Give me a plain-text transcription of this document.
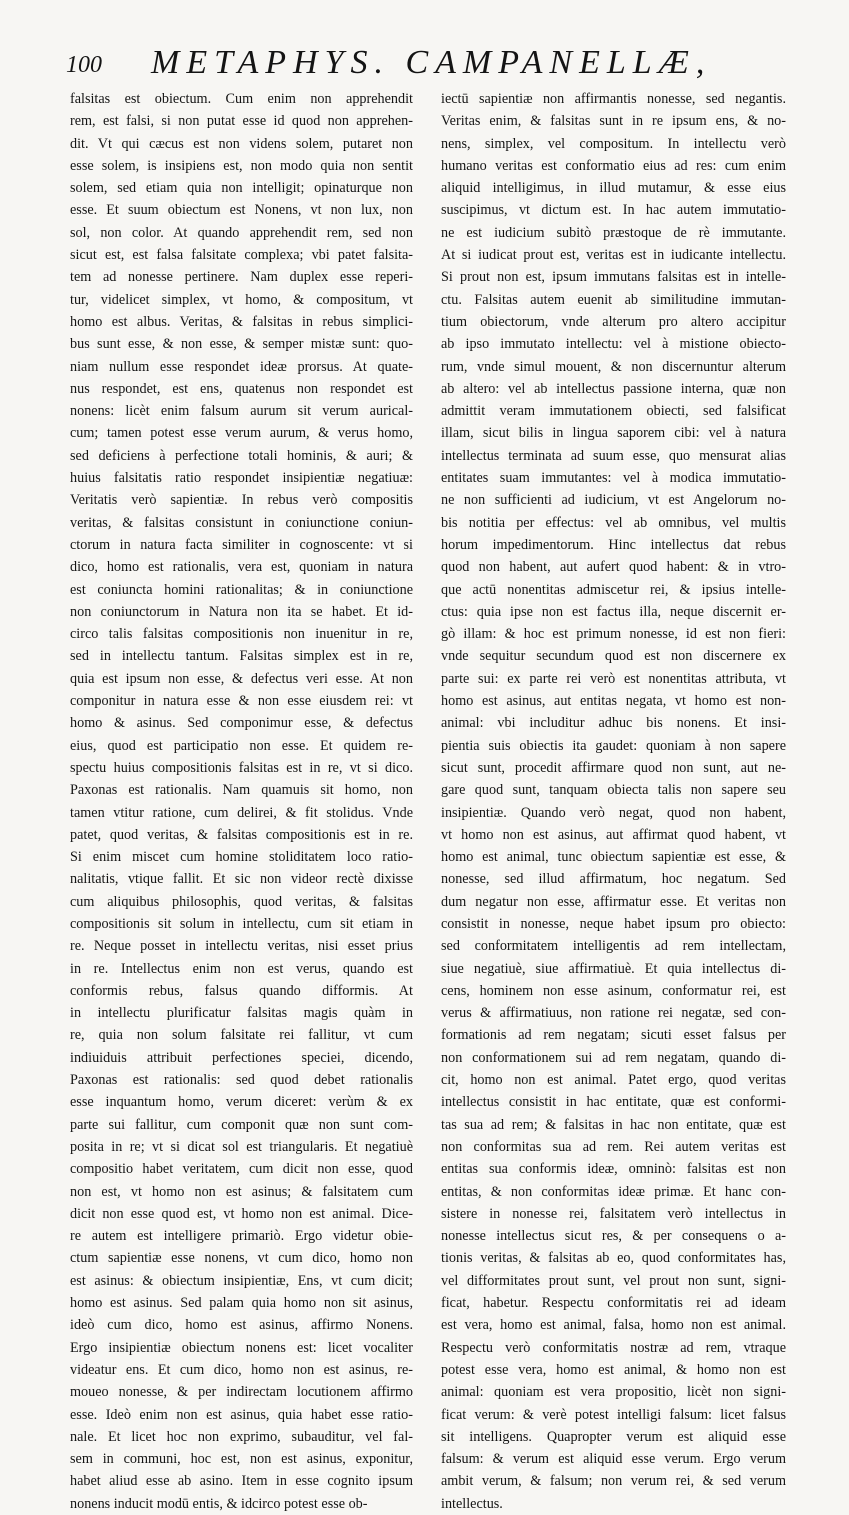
100 METAPHYS. CAMPANELLÆ,
falsitas est obiectum. Cum enim non apprehendit
rem, est falsi, si non putat esse id quod non apprehen-
dit. Vt qui cæcus est non videns solem, putaret non
esse solem, is insipiens est, non modo quia non sentit
solem, sed etiam quia non intelligit; opinaturque non
esse. Et suum obiectum est Nonens, vt non lux, non
sol, non color. At quando apprehendit rem, sed non
sicut est, est falsa falsitate complexa; vbi patet falsita-
tem ad nonesse pertinere. Nam duplex esse reperi-
tur, videlicet simplex, vt homo, & compositum, vt
homo est albus. Veritas, & falsitas in rebus simplici-
bus sunt esse, & non esse, & semper mistæ sunt: quo-
niam nullum esse respondet ideæ prorsus. At quate-
nus respondet, est ens, quatenus non respondet est
nonens: licèt enim falsum aurum sit verum aurical-
cum; tamen potest esse verum aurum, & verus homo,
sed deficiens à perfectione totali hominis, & auri; &
huius falsitatis ratio respondet insipientiæ negatiuæ:
Veritatis verò sapientiæ. In rebus verò compositis
veritas, & falsitas consistunt in coniunctione coniun-
ctorum in natura facta similiter in cognoscente: vt si
dico, homo est rationalis, vera est, quoniam in natura
est coniuncta homini rationalitas; & in coniunctione
non coniunctorum in Natura non ita se habet. Et id-
circo talis falsitas compositionis non inuenitur in re,
sed in intellectu tantum. Falsitas simplex est in re,
quia est ipsum non esse, & defectus veri esse. At non
componitur in natura esse & non esse eiusdem rei: vt
homo & asinus. Sed componimur esse, & defectus
eius, quod est participatio non esse. Et quidem re-
spectu huius compositionis falsitas est in re, vt si dico.
Paxonas est rationalis. Nam quamuis sit homo, non
tamen vtitur ratione, cum delirei, & fit stolidus. Vnde
patet, quod veritas, & falsitas compositionis est in re.
Si enim miscet cum homine stoliditatem loco ratio-
nalitatis, vtique fallit. Et sic non videor rectè dixisse
cum aliquibus philosophis, quod veritas, & falsitas
compositionis sit solum in intellectu, cum sit etiam in
re. Neque posset in intellectu veritas, nisi esset prius
in re. Intellectus enim non est verus, quando est
conformis rebus, falsus quando difformis. At
in intellectu plurificatur falsitas magis quàm in
re, quia non solum falsitate rei fallitur, vt cum
indiuiduis attribuit perfectiones speciei, dicendo,
Paxonas est rationalis: sed quod debet rationalis
esse inquantum homo, verum diceret: verùm & ex
parte sui fallitur, cum componit quæ non sunt com-
posita in re; vt si dicat sol est triangularis. Et negatiuè
compositio habet veritatem, cum dicit non esse, quod
non est, vt homo non est asinus; & falsitatem cum
dicit non esse quod est, vt homo non est animal. Dice-
re autem est intelligere primariò. Ergo videtur obie-
ctum sapientiæ esse nonens, vt cum dico, homo non
est asinus: & obiectum insipientiæ, Ens, vt cum dicit;
homo est asinus. Sed palam quia homo non sit asinus,
ideò cum dico, homo est asinus, affirmo Nonens.
Ergo insipientiæ obiectum nonens est: licet vocaliter
videatur ens. Et cum dico, homo non est asinus, re-
moueo nonesse, & per indirectam locutionem affirmo
esse. Ideò enim non est asinus, quia habet esse ratio-
nale. Et licet hoc non exprimo, subauditur, vel fal-
sem in communi, hoc est, non est asinus, exponitur,
habet aliud esse ab asino. Item in esse cognito ipsum
nonens inducit modū entis, & idcirco potest esse ob-
iectū sapientiæ non affirmantis nonesse, sed negantis.
Veritas enim, & falsitas sunt in re ipsum ens, & no-
nens, simplex, vel compositum. In intellectu verò
humano veritas est conformatio eius ad res: cum enim
aliquid intelligimus, in illud mutamur, & esse eius
suscipimus, vt dictum est. In hac autem immutatio-
ne est iudicium subitò præstoque de rè immutante.
At si iudicat prout est, veritas est in iudicante intellectu.
Si prout non est, ipsum immutans falsitas est in intelle-
ctu. Falsitas autem euenit ab similitudine immutan-
tium obiectorum, vnde alterum pro altero accipitur
ab ipso immutato intellectu: vel à mistione obiecto-
rum, vnde simul mouent, & non discernuntur alterum
ab altero: vel ab intellectus passione interna, quæ non
admittit veram immutationem obiecti, sed falsificat
illam, sicut bilis in lingua saporem cibi: vel à natura
intellectus terminata ad suum esse, quo mensurat alias
entitates suam immutantes: vel à modica immutatio-
ne non sufficienti ad iudicium, vt est Angelorum no-
bis notitia per effectus: vel ab omnibus, vel multis
horum impedimentorum. Hinc intellectus dat rebus
quod non habent, aut aufert quod habent: & in vtro-
que actū nonentitas admiscetur rei, & ipsius intelle-
ctus: quia ipse non est factus illa, neque discernit er-
gò illam: & hoc est primum nonesse, id est non fieri:
vnde sequitur secundum quod est non discernere ex
parte sui: ex parte rei verò est nonentitas attributa, vt
homo est asinus, aut entitas negata, vt homo est non-
animal: vbi includitur adhuc bis nonens. Et insi-
pientia suis obiectis ita gaudet: quoniam à non sapere
sicut sunt, procedit affirmare quod non sunt, aut ne-
gare quod sunt, tanquam obiecta talis non sapere seu
insipientiæ. Quando verò negat, quod non habent,
vt homo non est asinus, aut affirmat quod habent, vt
homo est animal, tunc obiectum sapientiæ est esse, &
nonesse, sed illud affirmatum, hoc negatum. Sed
dum negatur non esse, affirmatur esse. Et veritas non
consistit in nonesse, neque habet ipsum pro obiecto:
sed conformitatem intelligentis ad rem intellectam,
siue negatiuè, siue affirmatiuè. Et quia intellectus di-
cens, hominem non esse asinum, conformatur rei, est
verus & affirmatiuus, non ratione rei negatæ, sed con-
formationis ad rem negatam; sicuti esset falsus per
non conformationem sui ad rem negatam, quando di-
cit, homo non est animal. Patet ergo, quod veritas
intellectus consistit in hac entitate, quæ est conformi-
tas sua ad rem; & falsitas in hac non entitate, quæ est
non conformitas sua ad rem. Rei autem veritas est
entitas sua conformis ideæ, omninò: falsitas est non
entitas, & non conformitas ideæ primæ. Et hanc con-
sistere in nonesse rei, falsitatem verò intellectus in
nonesse intellectus sicut res, & per consequens o a-
tionis veritas, & falsitas ab eo, quod conformitates has,
vel difformitates prout sunt, vel prout non sunt, signi-
ficat, habetur. Respectu conformitatis rei ad ideam
est vera, homo est animal, falsa, homo non est animal.
Respectu verò conformitatis nostræ ad rem, vtraque
potest esse vera, homo est animal, & homo non est
animal: quoniam est vera propositio, licèt non signi-
ficat verum: & verè potest intelligi falsum: licet falsus
sit intelligens. Quapropter verum est aliquid esse
falsum: & verum est aliquid esse verum. Ergo verum
ambit verum, & falsum; non verum rei, & sed verum
intellectus.
